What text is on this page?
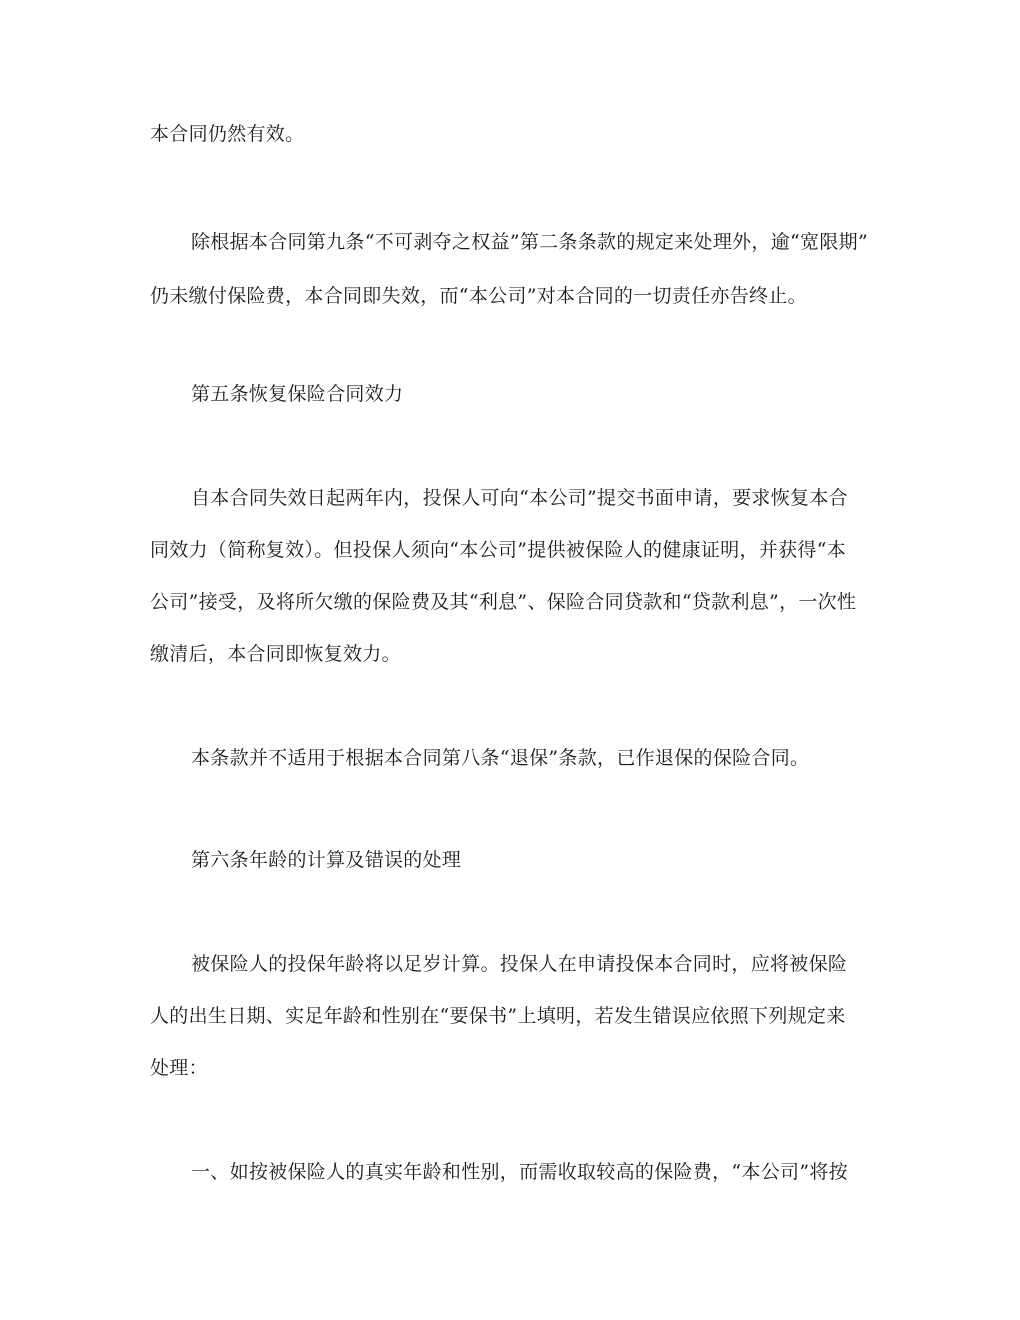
本合同仍然有效。

除根据本合同第九条“不可剥夺之权益”第二条条款的规定来处理外，逾“宽限期”

仍未缴付保险费，本合同即失效，而“本公司”对本合同的一切责任亦告终止。

第五条恢复保险合同效力

自本合同失效日起两年内，投保人可向“本公司”提交书面申请，要求恢复本合

同效力（简称复效）。但投保人须向“本公司”提供被保险人的健康证明，并获得“本

公司”接受，及将所欠缴的保险费及其“利息”、保险合同贷款和“贷款利息”，一次性

缴清后，本合同即恢复效力。

本条款并不适用于根据本合同第八条“退保”条款，已作退保的保险合同。

第六条年龄的计算及错误的处理

被保险人的投保年龄将以足岁计算。投保人在申请投保本合同时，应将被保险

人的出生日期、实足年龄和性别在“要保书”上填明，若发生错误应依照下列规定来

处理：

一、如按被保险人的真实年龄和性别，而需收取较高的保险费，“本公司”将按
